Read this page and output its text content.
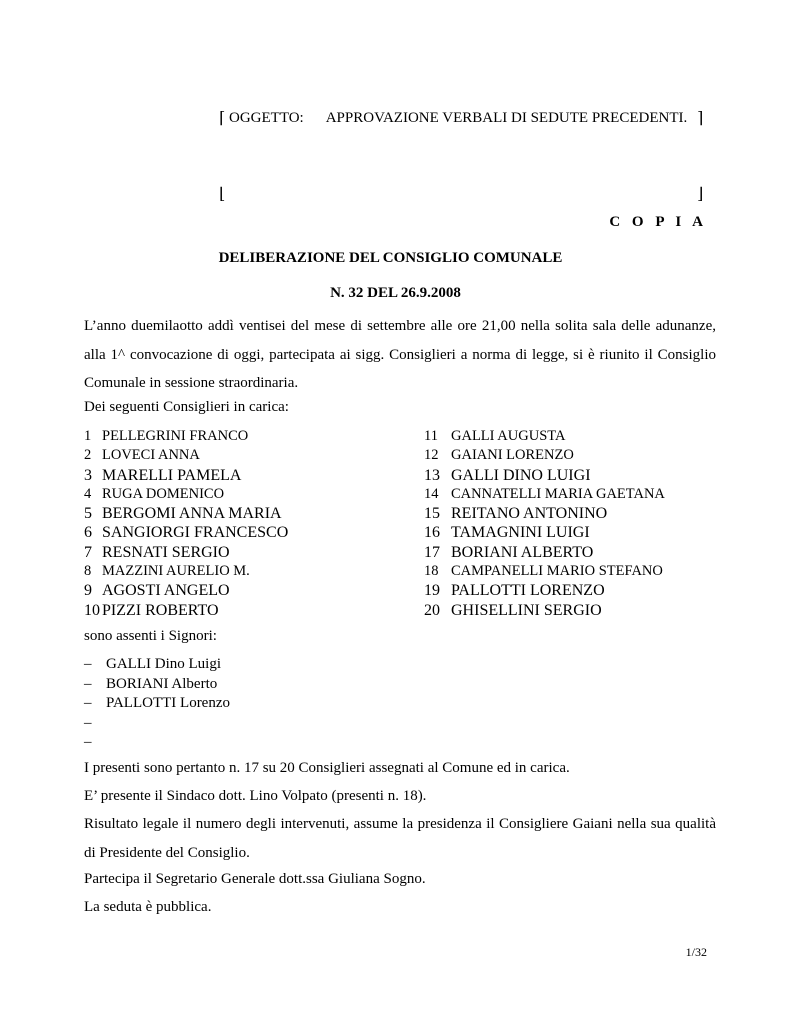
⌈ OGGETTO: APPROVAZIONE VERBALI DI SEDUTE PRECEDENTI. ⌉
⌊	⌋
C O P I A
DELIBERAZIONE DEL CONSIGLIO COMUNALE
N. 32 DEL 26.9.2008
L’anno duemilaotto addì ventisei del mese di settembre alle ore 21,00 nella solita sala delle adunanze, alla 1^ convocazione di oggi, partecipata ai sigg. Consiglieri a norma di legge, si è riunito il Consiglio Comunale in sessione straordinaria.
Dei seguenti Consiglieri in carica:
1 PELLEGRINI FRANCO
2 LOVECI ANNA
3 MARELLI PAMELA
4 RUGA DOMENICO
5 BERGOMI ANNA MARIA
6 SANGIORGI FRANCESCO
7 RESNATI SERGIO
8 MAZZINI AURELIO M.
9 AGOSTI ANGELO
10 PIZZI ROBERTO
11 GALLI AUGUSTA
12 GAIANI LORENZO
13 GALLI DINO LUIGI
14 CANNATELLI MARIA GAETANA
15 REITANO ANTONINO
16 TAMAGNINI LUIGI
17 BORIANI ALBERTO
18 CAMPANELLI MARIO STEFANO
19 PALLOTTI LORENZO
20 GHISELLINI SERGIO
sono assenti i Signori:
– GALLI Dino Luigi
– BORIANI Alberto
– PALLOTTI Lorenzo
–
–
I presenti sono pertanto n. 17 su 20 Consiglieri assegnati al Comune ed in carica.
E’ presente il Sindaco dott. Lino Volpato (presenti n. 18).
Risultato legale il numero degli intervenuti, assume la presidenza il Consigliere Gaiani nella sua qualità di Presidente del Consiglio.
Partecipa il Segretario Generale dott.ssa Giuliana Sogno.
La seduta è pubblica.
1/32
